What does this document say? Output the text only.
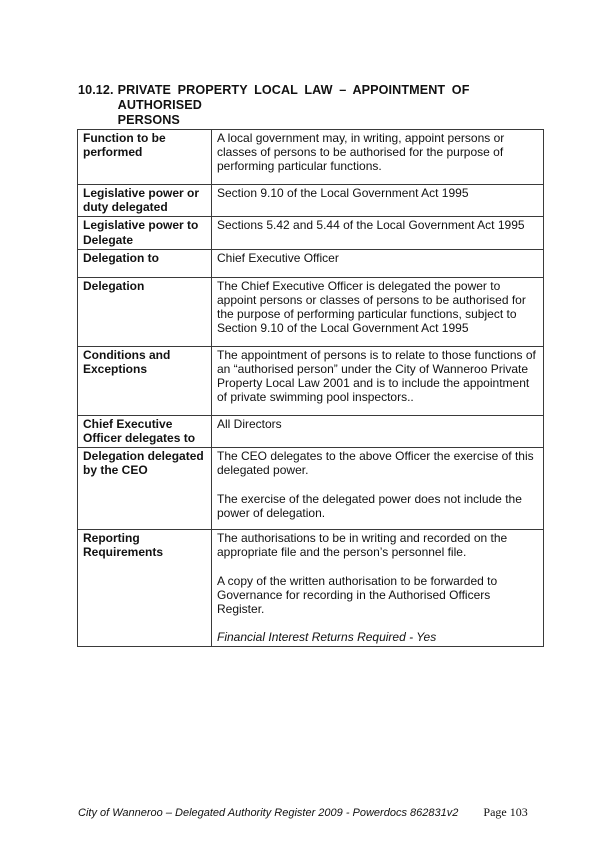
10.12. PRIVATE PROPERTY LOCAL LAW – APPOINTMENT OF AUTHORISED
PERSONS
Function to be performed	A local government may, in writing, appoint persons or classes of persons to be authorised for the purpose of performing particular functions.

Legislative power or duty delegated	Section 9.10 of the Local Government Act 1995

Legislative power to Delegate	Sections 5.42 and 5.44 of the Local Government Act 1995

Delegation to	Chief Executive Officer

Delegation	The Chief Executive Officer is delegated the power to appoint persons or classes of persons to be authorised for the purpose of performing particular functions, subject to Section 9.10 of the Local Government Act 1995

Conditions and Exceptions	The appointment of persons is to relate to those functions of an “authorised person” under the City of Wanneroo Private Property Local Law 2001 and is to include the appointment of private swimming pool inspectors..

Chief Executive Officer delegates to	All Directors

Delegation delegated by the CEO	The CEO delegates to the above Officer the exercise of this delegated power.

The exercise of the delegated power does not include the power of delegation.

Reporting Requirements	The authorisations to be in writing and recorded on the appropriate file and the person’s personnel file.

A copy of the written authorisation to be forwarded to Governance for recording in the Authorised Officers Register.

Financial Interest Returns Required - Yes

City of Wanneroo – Delegated Authority Register 2009 - Powerdocs 862831v2 Page 103
